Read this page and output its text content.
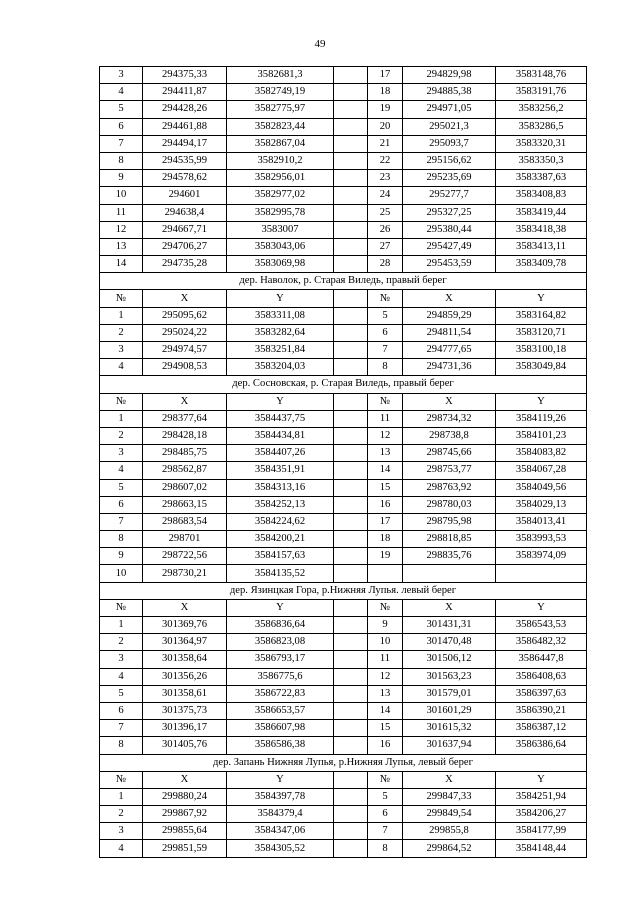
49
3	294375,33	3582681,3		17	294829,98	3583148,76
4	294411,87	3582749,19		18	294885,38	3583191,76
5	294428,26	3582775,97		19	294971,05	3583256,2
6	294461,88	3582823,44		20	295021,3	3583286,5
7	294494,17	3582867,04		21	295093,7	3583320,31
8	294535,99	3582910,2		22	295156,62	3583350,3
9	294578,62	3582956,01		23	295235,69	3583387,63
10	294601	3582977,02		24	295277,7	3583408,83
11	294638,4	3582995,78		25	295327,25	3583419,44
12	294667,71	3583007		26	295380,44	3583418,38
13	294706,27	3583043,06		27	295427,49	3583413,11
14	294735,28	3583069,98		28	295453,59	3583409,78
дер. Наволок, р. Старая Виледь, правый берег						
№	X	Y		№	X	Y
1	295095,62	3583311,08		5	294859,29	3583164,82
2	295024,22	3583282,64		6	294811,54	3583120,71
3	294974,57	3583251,84		7	294777,65	3583100,18
4	294908,53	3583204,03		8	294731,36	3583049,84
дер. Сосновская, р. Старая Виледь, правый берег						
№	X	Y		№	X	Y
1	298377,64	3584437,75		11	298734,32	3584119,26
2	298428,18	3584434,81		12	298738,8	3584101,23
3	298485,75	3584407,26		13	298745,66	3584083,82
4	298562,87	3584351,91		14	298753,77	3584067,28
5	298607,02	3584313,16		15	298763,92	3584049,56
6	298663,15	3584252,13		16	298780,03	3584029,13
7	298683,54	3584224,62		17	298795,98	3584013,41
8	298701	3584200,21		18	298818,85	3583993,53
9	298722,56	3584157,63		19	298835,76	3583974,09
10	298730,21	3584135,52				
дер. Язинцкая Гора, р.Нижняя Лупья. левый берег						
№	X	Y		№	X	Y
1	301369,76	3586836,64		9	301431,31	3586543,53
2	301364,97	3586823,08		10	301470,48	3586482,32
3	301358,64	3586793,17		11	301506,12	3586447,8
4	301356,26	3586775,6		12	301563,23	3586408,63
5	301358,61	3586722,83		13	301579,01	3586397,63
6	301375,73	3586653,57		14	301601,29	3586390,21
7	301396,17	3586607,98		15	301615,32	3586387,12
8	301405,76	3586586,38		16	301637,94	3586386,64
дер. Запань Нижняя Лупья, р.Нижняя Лупья, левый берег						
№	X	Y		№	X	Y
1	299880,24	3584397,78		5	299847,33	3584251,94
2	299867,92	3584379,4		6	299849,54	3584206,27
3	299855,64	3584347,06		7	299855,8	3584177,99
4	299851,59	3584305,52		8	299864,52	3584148,44
